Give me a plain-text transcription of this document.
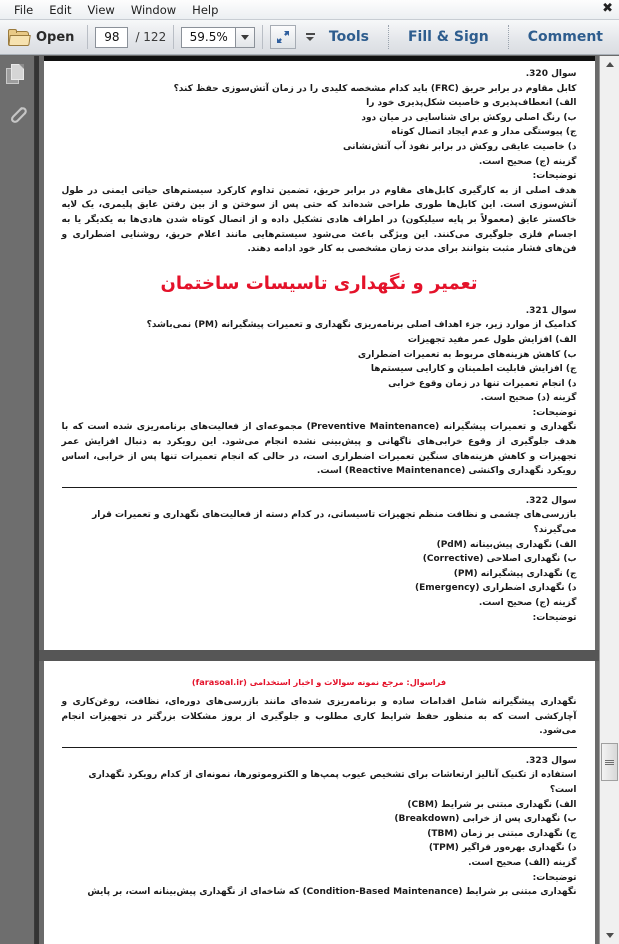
File	Edit	View	Window	Help	✖
Open	98	/ 122	59.5%	Tools	Fill & Sign	Comment
سوال 320.
کابل مقاوم در برابر حریق (FRC) باید کدام مشخصه کلیدی را در زمان آتش‌سوزی حفظ کند؟
الف) انعطاف‌پذیری و خاصیت شکل‌پذیری خود را
ب) رنگ اصلی روکش برای شناسایی در میان دود
ج) پیوستگی مدار و عدم ایجاد اتصال کوتاه
د) خاصیت عایقی روکش در برابر نفوذ آب آتش‌نشانی
گزینه (ج) صحیح است.
توضیحات:
هدف اصلی از به کارگیری کابل‌های مقاوم در برابر حریق، تضمین تداوم کارکرد سیستم‌های حیاتی ایمنی در طول آتش‌سوزی است. این کابل‌ها طوری طراحی شده‌اند که حتی پس از سوختن و از بین رفتن عایق پلیمری، یک لایه خاکستر عایق (معمولاً بر پایه سیلیکون) در اطراف هادی تشکیل داده و از اتصال کوتاه شدن هادی‌ها به یکدیگر یا به اجسام فلزی جلوگیری می‌کنند. این ویژگی باعث می‌شود سیستم‌هایی مانند اعلام حریق، روشنایی اضطراری و فن‌های فشار مثبت بتوانند برای مدت زمان مشخصی به کار خود ادامه دهند.
تعمیر و نگهداری تاسیسات ساختمان
سوال 321.
کدامیک از موارد زیر، جزء اهداف اصلی برنامه‌ریزی نگهداری و تعمیرات پیشگیرانه (PM) نمی‌باشد؟
الف) افزایش طول عمر مفید تجهیزات
ب) کاهش هزینه‌های مربوط به تعمیرات اضطراری
ج) افزایش قابلیت اطمینان و کارایی سیستم‌ها
د) انجام تعمیرات تنها در زمان وقوع خرابی
گزینه (د) صحیح است.
توضیحات:
نگهداری و تعمیرات پیشگیرانه (Preventive Maintenance) مجموعه‌ای از فعالیت‌های برنامه‌ریزی شده است که با هدف جلوگیری از وقوع خرابی‌های ناگهانی و پیش‌بینی نشده انجام می‌شود. این رویکرد به دنبال افزایش عمر تجهیزات و کاهش هزینه‌های سنگین تعمیرات اضطراری است، در حالی که انجام تعمیرات تنها پس از خرابی، اساس رویکرد نگهداری واکنشی (Reactive Maintenance) است.
سوال 322.
بازرسی‌های چشمی و نظافت منظم تجهیزات تاسیساتی، در کدام دسته از فعالیت‌های نگهداری و تعمیرات قرار می‌گیرند؟
الف) نگهداری پیش‌بینانه (PdM)
ب) نگهداری اصلاحی (Corrective)
ج) نگهداری پیشگیرانه (PM)
د) نگهداری اضطراری (Emergency)
گزینه (ج) صحیح است.
توضیحات:
فراسوال: مرجع نمونه سوالات و اخبار استخدامی (farasoal.ir)
نگهداری پیشگیرانه شامل اقدامات ساده و برنامه‌ریزی شده‌ای مانند بازرسی‌های دوره‌ای، نظافت، روغن‌کاری و آچارکشی است که به منظور حفظ شرایط کاری مطلوب و جلوگیری از بروز مشکلات بزرگتر در تجهیزات انجام می‌شود.
سوال 323.
استفاده از تکنیک آنالیز ارتعاشات برای تشخیص عیوب پمپ‌ها و الکتروموتورها، نمونه‌ای از کدام رویکرد نگهداری است؟
الف) نگهداری مبتنی بر شرایط (CBM)
ب) نگهداری پس از خرابی (Breakdown)
ج) نگهداری مبتنی بر زمان (TBM)
د) نگهداری بهره‌ور فراگیر (TPM)
گزینه (الف) صحیح است.
توضیحات:
نگهداری مبتنی بر شرایط (Condition-Based Maintenance) که شاخه‌ای از نگهداری پیش‌بینانه است، بر پایش
